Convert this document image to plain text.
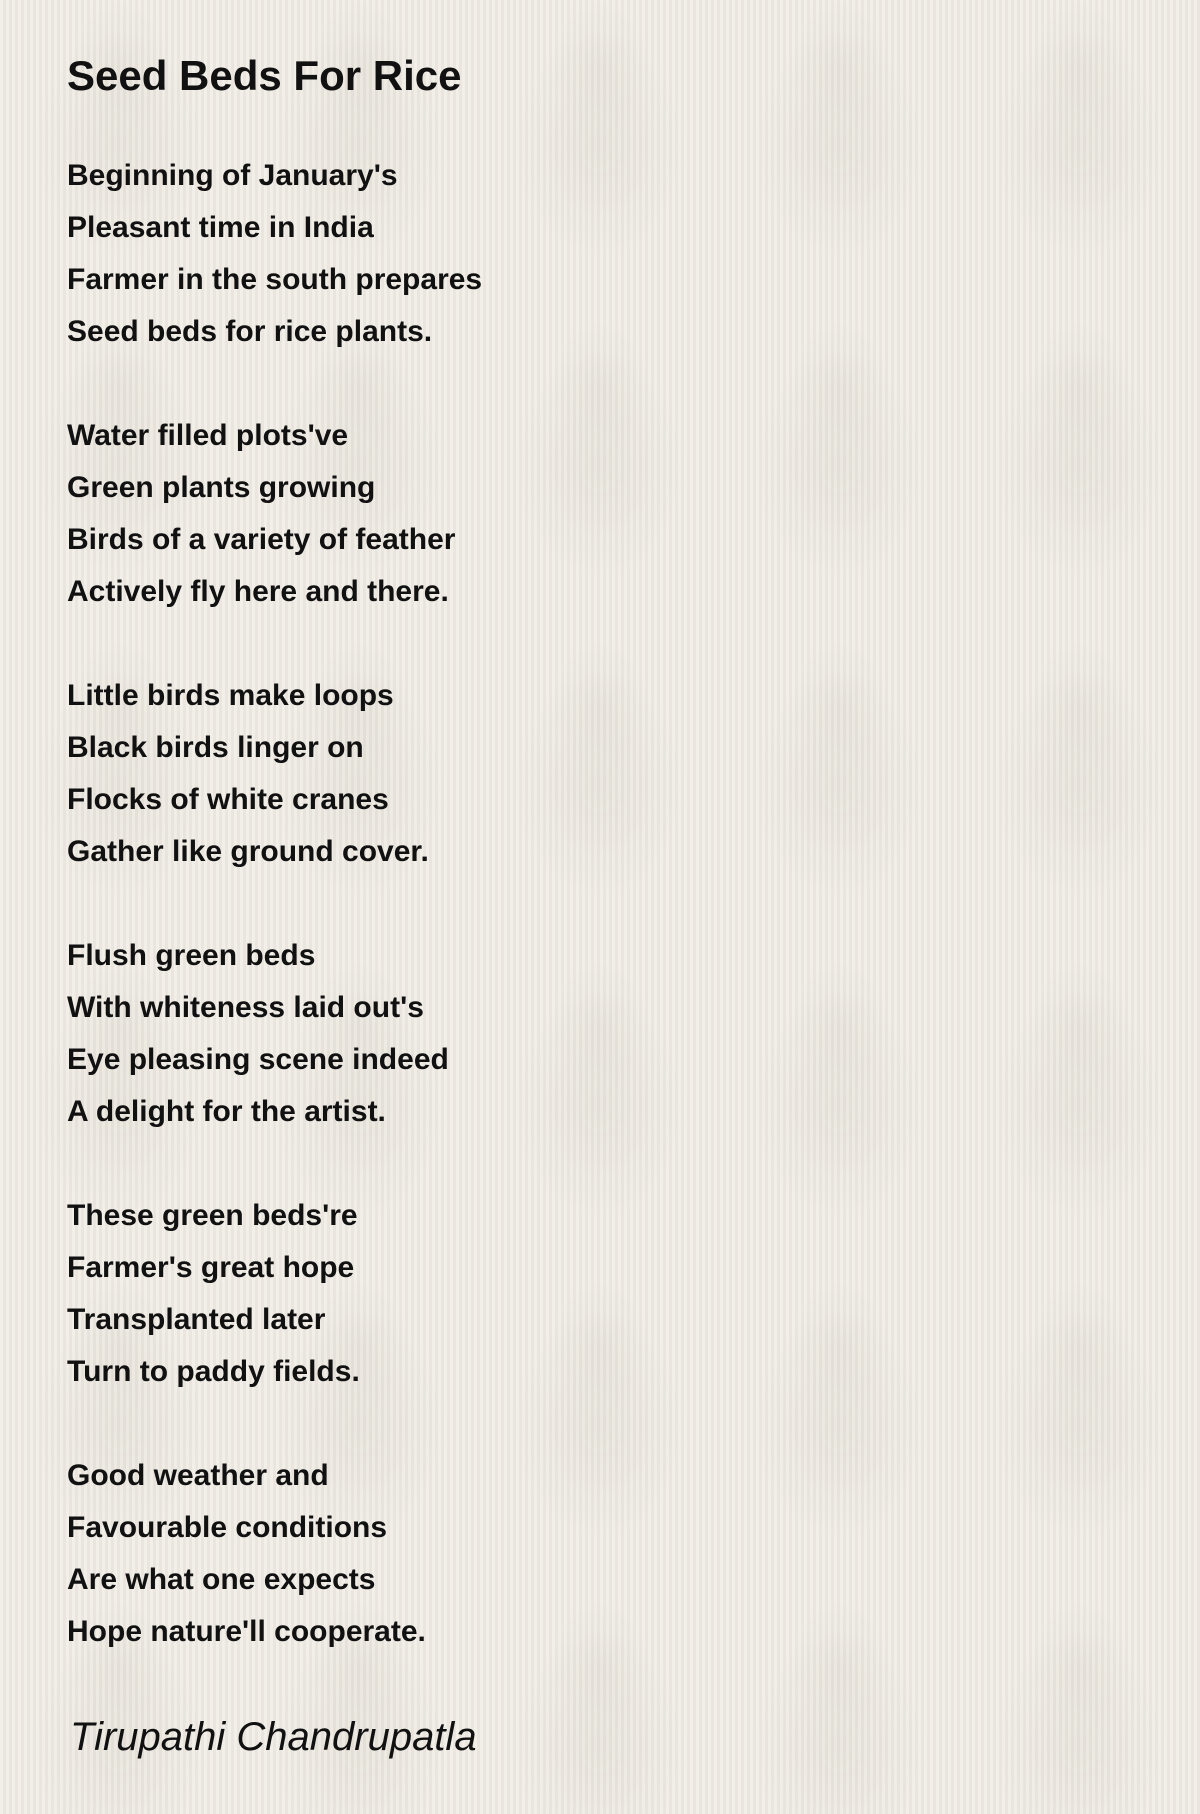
Seed Beds For Rice
Beginning of January's
Pleasant time in India
Farmer in the south prepares
Seed beds for rice plants.
Water filled plots've
Green plants growing
Birds of a variety of feather
Actively fly here and there.
Little birds make loops
Black birds linger on
Flocks of white cranes
Gather like ground cover.
Flush green beds
With whiteness laid out's
Eye pleasing scene indeed
A delight for the artist.
These green beds're
Farmer's great hope
Transplanted later
Turn to paddy fields.
Good weather and
Favourable conditions
Are what one expects
Hope nature'll cooperate.
Tirupathi Chandrupatla
